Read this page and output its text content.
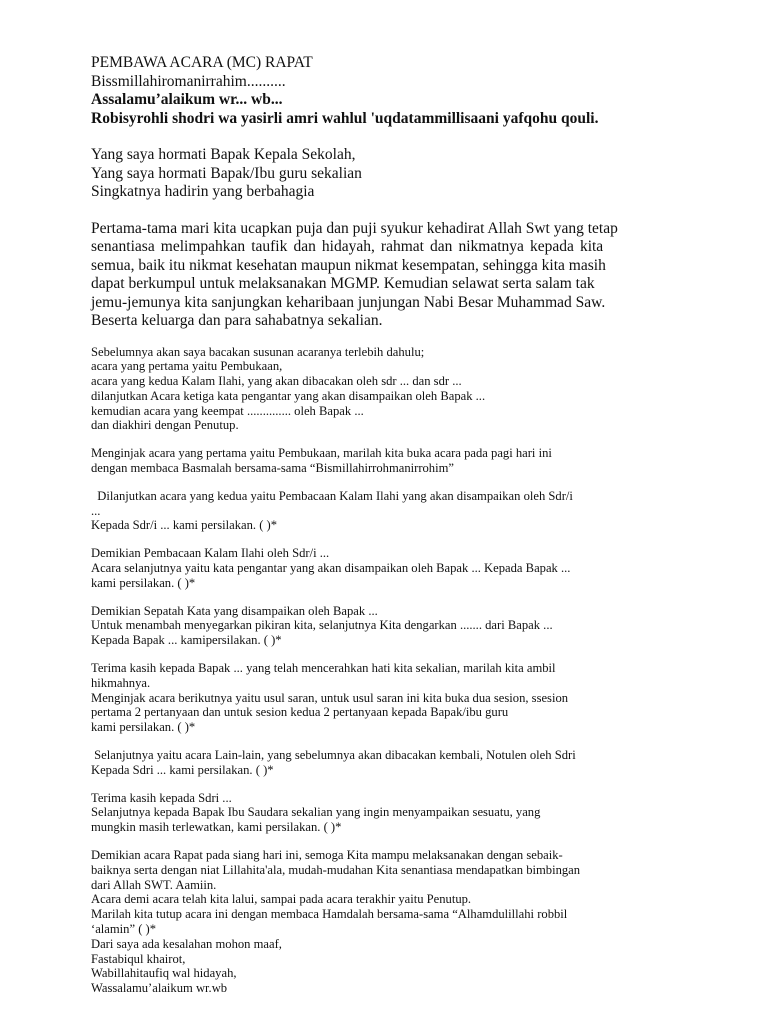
PEMBAWA ACARA (MC) RAPAT
Bissmillahiromanirrahim..........
Assalamu’alaikum wr... wb...
Robisyrohli shodri wa yasirli amri wahlul 'uqdatammillisaani yafqohu qouli.

Yang saya hormati Bapak Kepala Sekolah,
Yang saya hormati Bapak/Ibu guru sekalian
Singkatnya hadirin yang berbahagia

Pertama-tama mari kita ucapkan puja dan puji syukur kehadirat Allah Swt yang tetap
senantiasa melimpahkan taufik dan hidayah, rahmat dan nikmatnya kepada kita
semua, baik itu nikmat kesehatan maupun nikmat kesempatan, sehingga kita masih
dapat berkumpul untuk melaksanakan MGMP. Kemudian selawat serta salam tak
jemu-jemunya kita sanjungkan keharibaan junjungan Nabi Besar Muhammad Saw.
Beserta keluarga dan para sahabatnya sekalian.

Sebelumnya akan saya bacakan susunan acaranya terlebih dahulu;
acara yang pertama yaitu Pembukaan,
acara yang kedua Kalam Ilahi, yang akan dibacakan oleh sdr ... dan sdr ...
dilanjutkan Acara ketiga kata pengantar yang akan disampaikan oleh Bapak ...
kemudian acara yang keempat .............. oleh Bapak ...
dan diakhiri dengan Penutup.

Menginjak acara yang pertama yaitu Pembukaan, marilah kita buka acara pada pagi hari ini
dengan membaca Basmalah bersama-sama “Bismillahirrohmanirrohim”

Dilanjutkan acara yang kedua yaitu Pembacaan Kalam Ilahi yang akan disampaikan oleh Sdr/i
...
Kepada Sdr/i ... kami persilakan. ( )*

Demikian Pembacaan Kalam Ilahi oleh Sdr/i ...
Acara selanjutnya yaitu kata pengantar yang akan disampaikan oleh Bapak ... Kepada Bapak ...
kami persilakan. ( )*

Demikian Sepatah Kata yang disampaikan oleh Bapak ...
Untuk menambah menyegarkan pikiran kita, selanjutnya Kita dengarkan ....... dari Bapak ...
Kepada Bapak ... kamipersilakan. ( )*

Terima kasih kepada Bapak ... yang telah mencerahkan hati kita sekalian, marilah kita ambil
hikmahnya.
Menginjak acara berikutnya yaitu usul saran, untuk usul saran ini kita buka dua sesion, ssesion
pertama 2 pertanyaan dan untuk sesion kedua 2 pertanyaan kepada Bapak/ibu guru
kami persilakan. ( )*

Selanjutnya yaitu acara Lain-lain, yang sebelumnya akan dibacakan kembali, Notulen oleh Sdri
Kepada Sdri ... kami persilakan. ( )*

Terima kasih kepada Sdri ...
Selanjutnya kepada Bapak Ibu Saudara sekalian yang ingin menyampaikan sesuatu, yang
mungkin masih terlewatkan, kami persilakan. ( )*

Demikian acara Rapat pada siang hari ini, semoga Kita mampu melaksanakan dengan sebaik-
baiknya serta dengan niat Lillahita'ala, mudah-mudahan Kita senantiasa mendapatkan bimbingan
dari Allah SWT. Aamiin.
Acara demi acara telah kita lalui, sampai pada acara terakhir yaitu Penutup.
Marilah kita tutup acara ini dengan membaca Hamdalah bersama-sama “Alhamdulillahi robbil
‘alamin” ( )*
Dari saya ada kesalahan mohon maaf,
Fastabiqul khairot,
Wabillahitaufiq wal hidayah,
Wassalamu’alaikum wr.wb
